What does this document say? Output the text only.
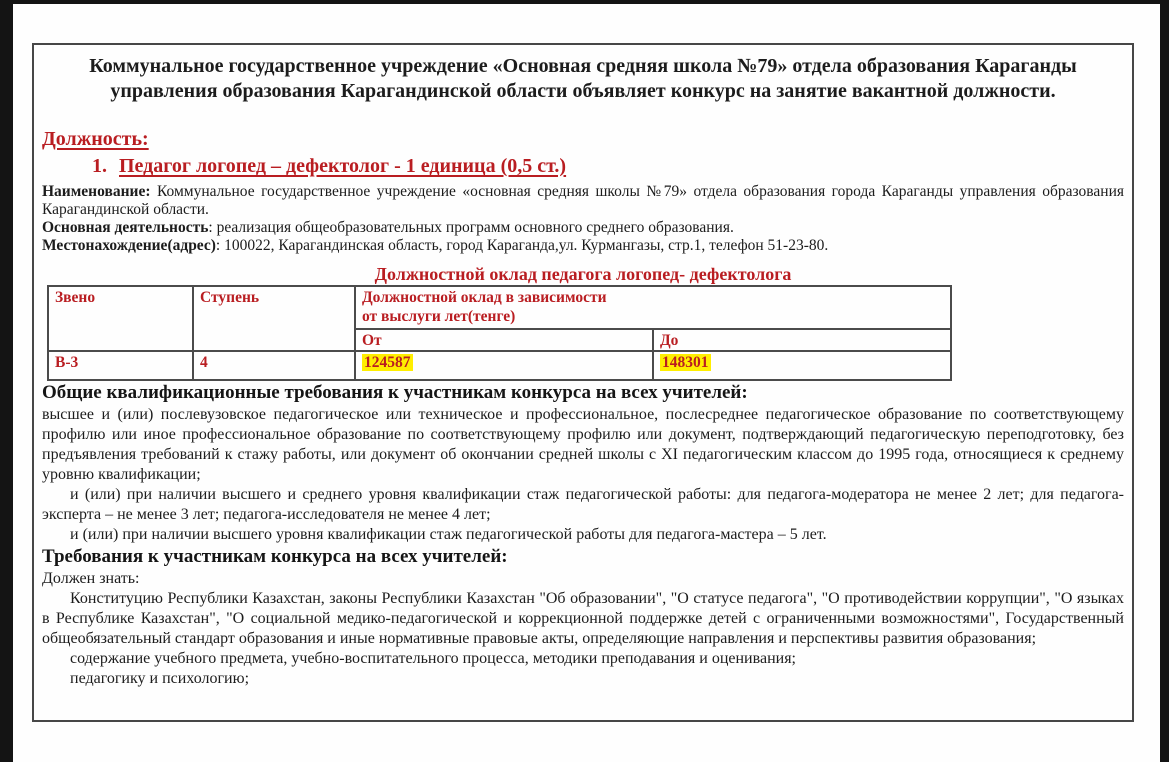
Коммунальное государственное учреждение «Основная средняя школа №79» отдела образования Караганды
управления образования Карагандинской области объявляет конкурс на занятие вакантной должности.
Должность:
1. Педагог логопед – дефектолог - 1 единица (0,5 ст.)

Наименование: Коммунальное государственное учреждение «основная средняя школы №79» отдела образования города Караганды управления образования Карагандинской области.

Основная деятельность: реализация общеобразовательных программ основного среднего образования.

Местонахождение(адрес): 100022, Карагандинская область, город Караганда,ул. Курмангазы, стр.1, телефон 51-23-80.

Должностной оклад педагога логопед- дефектолога
Звено	Ступень	Должностной оклад в зависимости
от выслуги лет(тенге)	

		От	До
В-3	4	124587	148301
Общие квалификационные требования к участникам конкурса на всех учителей:

высшее и (или) послевузовское педагогическое или техническое и профессиональное, послесреднее педагогическое образование по соответствующему профилю или иное профессиональное образование по соответствующему профилю или документ, подтверждающий педагогическую переподготовку, без предъявления требований к стажу работы, или документ об окончании средней школы с XI педагогическим классом до 1995 года, относящиеся к среднему уровню квалификации;

и (или) при наличии высшего и среднего уровня квалификации стаж педагогической работы: для педагога-модератора не менее 2 лет; для педагога-эксперта – не менее 3 лет; педагога-исследователя не менее 4 лет;

и (или) при наличии высшего уровня квалификации стаж педагогической работы для педагога-мастера – 5 лет.

Требования к участникам конкурса на всех учителей:

Должен знать:

Конституцию Республики Казахстан, законы Республики Казахстан "Об образовании", "О статусе педагога", "О противодействии коррупции", "О языках в Республике Казахстан", "О социальной медико-педагогической и коррекционной поддержке детей с ограниченными возможностями", Государственный общеобязательный стандарт образования и иные нормативные правовые акты, определяющие направления и перспективы развития образования;

содержание учебного предмета, учебно-воспитательного процесса, методики преподавания и оценивания;

педагогику и психологию;
